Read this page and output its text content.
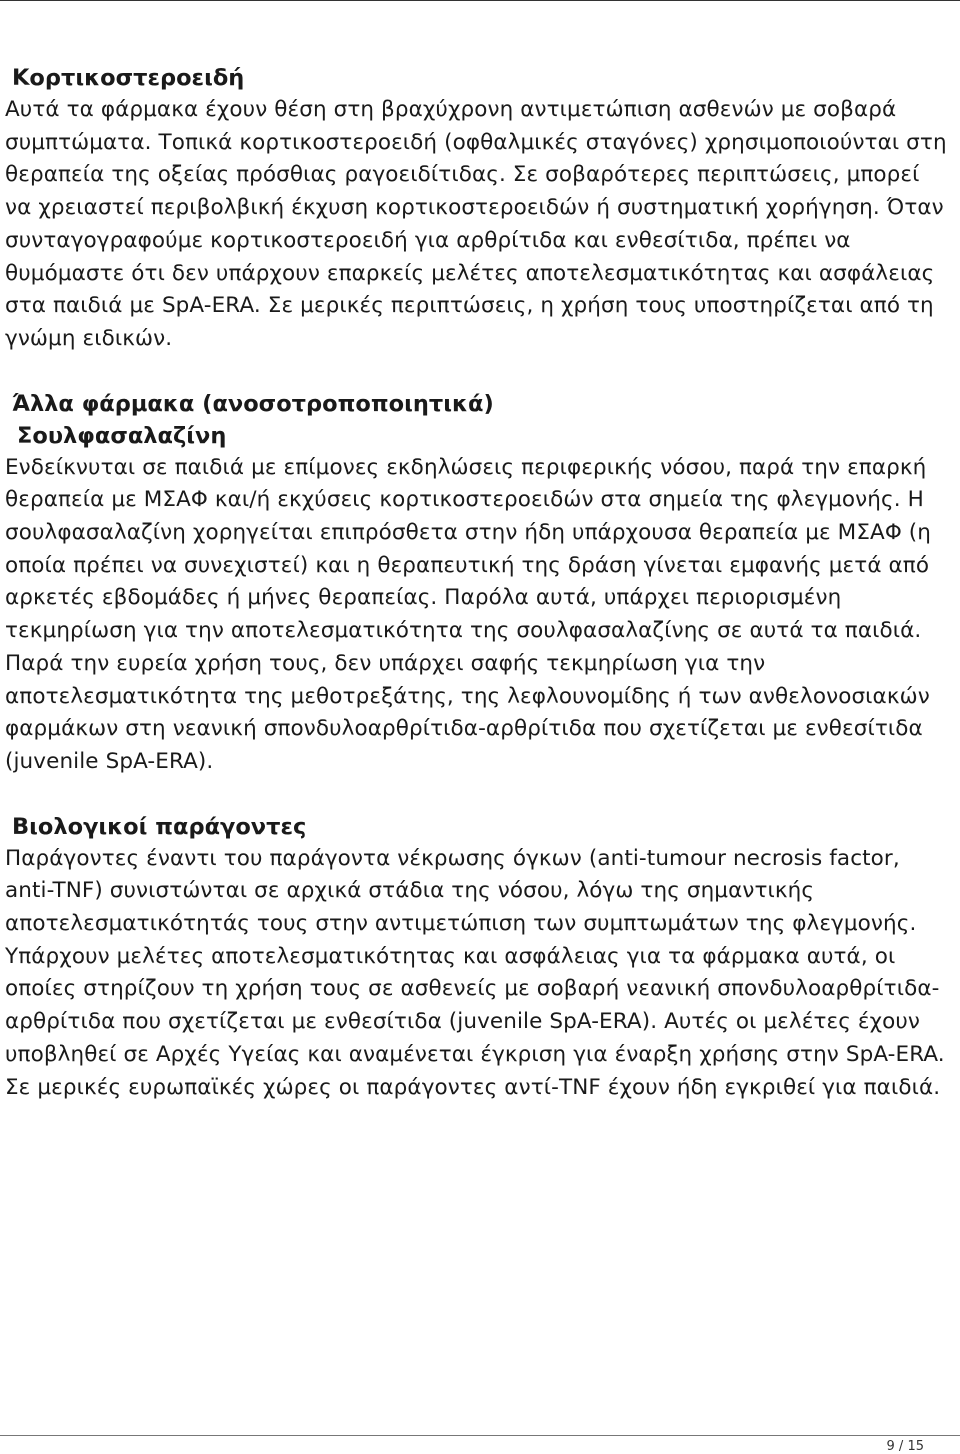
Κορτικοστεροειδή

Αυτά τα φάρμακα έχουν θέση στη βραχύχρονη αντιμετώπιση ασθενών με σοβαρά συμπτώματα. Τοπικά κορτικοστεροειδή (οφθαλμικές σταγόνες) χρησιμοποιούνται στη θεραπεία της οξείας πρόσθιας ραγοειδίτιδας. Σε σοβαρότερες περιπτώσεις, μπορεί να χρειαστεί περιβολβική έκχυση κορτικοστεροειδών ή συστηματική χορήγηση. Όταν συνταγογραφούμε κορτικοστεροειδή για αρθρίτιδα και ενθεσίτιδα, πρέπει να θυμόμαστε ότι δεν υπάρχουν επαρκείς μελέτες αποτελεσματικότητας και ασφάλειας στα παιδιά με SpA-ERA. Σε μερικές περιπτώσεις, η χρήση τους υποστηρίζεται από τη γνώμη ειδικών.

Άλλα φάρμακα (ανοσοτροποποιητικά)
Σουλφασαλαζίνη

Ενδείκνυται σε παιδιά με επίμονες εκδηλώσεις περιφερικής νόσου, παρά την επαρκή θεραπεία με ΜΣΑΦ και/ή εκχύσεις κορτικοστεροειδών στα σημεία της φλεγμονής. Η σουλφασαλαζίνη χορηγείται επιπρόσθετα στην ήδη υπάρχουσα θεραπεία με ΜΣΑΦ (η οποία πρέπει να συνεχιστεί) και η θεραπευτική της δράση γίνεται εμφανής μετά από αρκετές εβδομάδες ή μήνες θεραπείας. Παρόλα αυτά, υπάρχει περιορισμένη τεκμηρίωση για την αποτελεσματικότητα της σουλφασαλαζίνης σε αυτά τα παιδιά. Παρά την ευρεία χρήση τους, δεν υπάρχει σαφής τεκμηρίωση για την αποτελεσματικότητα της μεθοτρεξάτης, της λεφλουνομίδης ή των ανθελονοσιακών φαρμάκων στη νεανική σπονδυλοαρθρίτιδα-αρθρίτιδα που σχετίζεται με ενθεσίτιδα (juvenile SpA-ERA).

Βιολογικοί παράγοντες

Παράγοντες έναντι του παράγοντα νέκρωσης όγκων (anti-tumour necrosis factor, anti-TNF) συνιστώνται σε αρχικά στάδια της νόσου, λόγω της σημαντικής αποτελεσματικότητάς τους στην αντιμετώπιση των συμπτωμάτων της φλεγμονής. Υπάρχουν μελέτες αποτελεσματικότητας και ασφάλειας για τα φάρμακα αυτά, οι οποίες στηρίζουν τη χρήση τους σε ασθενείς με σοβαρή νεανική σπονδυλοαρθρίτιδα-αρθρίτιδα που σχετίζεται με ενθεσίτιδα (juvenile SpA-ERA). Αυτές οι μελέτες έχουν υποβληθεί σε Αρχές Υγείας και αναμένεται έγκριση για έναρξη χρήσης στην SpA-ERA. Σε μερικές ευρωπαϊκές χώρες οι παράγοντες αντί-TNF έχουν ήδη εγκριθεί για παιδιά.

9 / 15
